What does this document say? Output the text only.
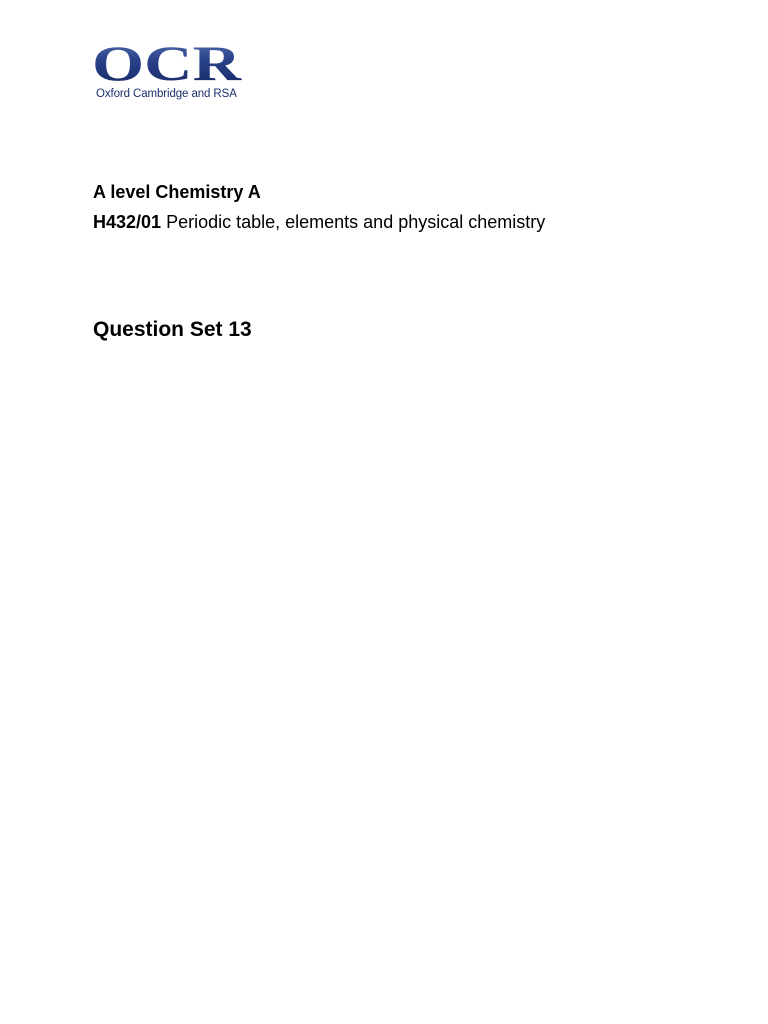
OCR
Oxford Cambridge and RSA
A level Chemistry A
H432/01 Periodic table, elements and physical chemistry
Question Set 13
